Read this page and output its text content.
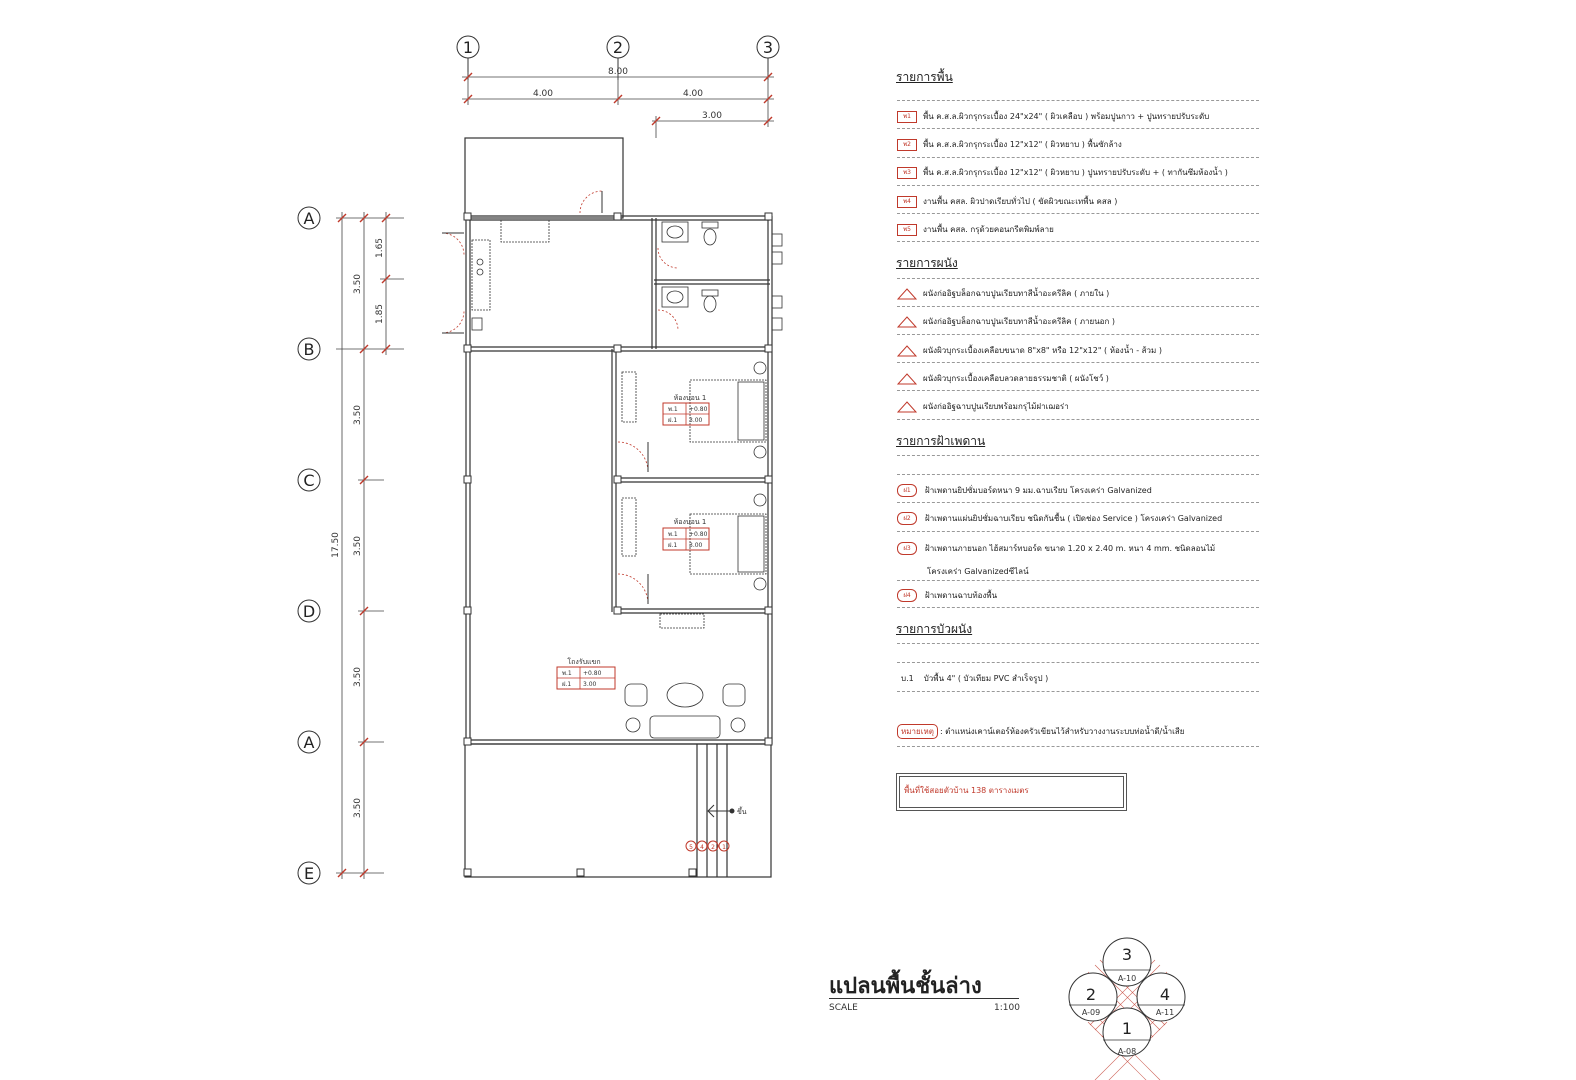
1	2	3
8.00
4.00	4.00
3.00
A
B
C
D
A
E
17.50
3.50
3.50
3.50
3.50
3.50
1.65
1.85
ห้องนอน 1
พ.1 +0.80
ฝ.1 3.00
ห้องนอน 1
พ.1 +0.80
ฝ.1 3.00
โถงรับแขก
พ.1 +0.80
ฝ.1 3.00
ขึ้น
5 4 2 1
3
A-10
2
A-09
4
A-11
1
A-08
รายการพื้น
พ1	พื้น ค.ส.ล.ผิวกรุกระเบื้อง 24"x24" ( ผิวเคลือบ ) พร้อมปูนกาว + ปูนทรายปรับระดับ
พ2	พื้น ค.ส.ล.ผิวกรุกระเบื้อง 12"x12" ( ผิวหยาบ ) พื้นซักล้าง
พ3	พื้น ค.ส.ล.ผิวกรุกระเบื้อง 12"x12" ( ผิวหยาบ ) ปูนทรายปรับระดับ + ( ทากันซึมห้องน้ำ )
พ4	งานพื้น คสล. ผิวปาดเรียบทั่วไป ( ขัดผิวขณะเทพื้น คสล )
พ5	งานพื้น คสล. กรุด้วยคอนกรีตพิมพ์ลาย
รายการผนัง
ผนังก่ออิฐบล็อกฉาบปูนเรียบทาสีน้ำอะครีลิค ( ภายใน )
ผนังก่ออิฐบล็อกฉาบปูนเรียบทาสีน้ำอะครีลิค ( ภายนอก )
ผนังผิวบุกระเบื้องเคลือบขนาด 8"x8" หรือ 12"x12" ( ห้องน้ำ - ส้วม )
ผนังผิวบุกระเบื้องเคลือบลวดลายธรรมชาติ ( ผนังโชว์ )
ผนังก่ออิฐฉาบปูนเรียบพร้อมกรุไม้ฝาเฌอร่า
รายการฝ้าเพดาน
ฝ1	ฝ้าเพดานยิปซั่มบอร์ดหนา 9 มม.ฉาบเรียบ โครงเคร่า Galvanized
ฝ2	ฝ้าเพดานแผ่นยิปซั่มฉาบเรียบ ชนิดกันชื้น ( เปิดช่อง Service ) โครงเคร่า Galvanized
ฝ3	ฝ้าเพดานภายนอก ไฮ้สมาร์ทบอร์ด ขนาด 1.20 x 2.40 m. หนา 4 mm. ชนิดลอนไม้
โครงเคร่า Galvanizedซีไลน์
ฝ4	ฝ้าเพดานฉาบท้องพื้น
รายการบัวผนัง
บ.1 บัวพื้น 4" ( บัวเทียม PVC สำเร็จรูป )
หมายเหตุ : ตำแหน่งเคาน์เตอร์ห้องครัวเขียนไว้สำหรับวางงานระบบท่อน้ำดี/น้ำเสีย
พื้นที่ใช้สอยตัวบ้าน 138 ตารางเมตร
แปลนพื้นชั้นล่าง
SCALE	1:100
